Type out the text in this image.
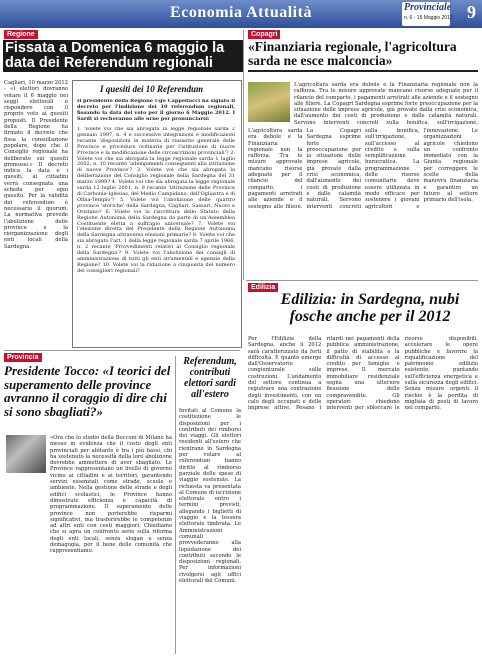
Economia Attualità	Provinciale
n. 6 - 15 Maggio 2012 9
Regione
Fissata a Domenica 6 maggio la data dei Referendum regionali
Cagliari, 10 marzo 2012 - «I elettori dovranno votare il 6 maggio nei seggi elettorali e rispondere con il proprio voto ai quesiti proposti. Il Presidente della Regione ha firmato il decreto che fissa la consultazione popolare, dopo che il Consiglio regionale ha deliberato sui quesiti promossi.» Il decreto indica la data e i quesiti, ai cittadini verrà consegnata una scheda per ogni quesito. Per la validità dei referendum è necessario il quorum. La normativa prevede l'abolizione delle province e la riorganizzazione degli enti locali della Sardegna.
I quesiti dei 10 Referendum
Il presidente della Regione Ugo Cappellacci ha siglato il decreto per l'indizione dei 10 referendum regionali, fissando la data del voto per il giorno 6 Maggio 2012. I Sardi si recheranno alle urne per pronunciarsi:
1. Volete voi che sia abrogata la legge regionale sarda 2 gennaio 1997, n. 4 e successive integrazioni e modificazioni recante 'disposizioni in materia di riassetto generale delle Province e procedure ordinarie per l'istituzione di nuove Province e la modificazione delle circoscrizioni provinciali'? 2. Volete voi che sia abrogata la legge regionale sarda 1 luglio 2002, n. 10 recante 'adempimenti conseguenti alla istituzione di nuove Province'? 3. Volete voi che sia abrogata la deliberazione del Consiglio regionale della Sardegna del 31 marzo 1999? 4. Volete voi che sia abrogata la legge regionale sarda 12 luglio 2001, n. 9 recante 'istituzione delle Province di Carbonia-Iglesias, del Medio Campidano, dell'Ogliastra e di Olbia-Tempio'? 5. Volete voi l'abolizione delle quattro province 'storiche' della Sardegna, Cagliari, Sassari, Nuoro e Oristano? 6. Volete voi la riscrittura dello Statuto della Regione Autonoma della Sardegna da parte di un'Assemblea Costituente eletta a suffragio universale? 7. Volete voi l'elezione diretta del Presidente della Regione Autonoma della Sardegna attraverso elezioni primarie? 8. Volete voi che sia abrogato l'art. 1 della legge regionale sarda 7 aprile 1966, n. 2 recante 'Provvedimenti relativi al Consiglio regionale della Sardegna'? 9. Volete voi l'abolizione dei consigli di amministrazione di tutti gli enti strumentali e agenzie della Regione? 10. Volete voi la riduzione a cinquanta del numero dei consiglieri regionali?
Provincia
Presidente Tocco: «I teorici del superamento delle province avranno il coraggio di dire chi si sono sbagliati?»
«Ora che lo studio della Bocconi di Milano ha messo in evidenza che il costo degli enti provinciali per abitante è tra i più bassi, chi ha sostenuto la necessità della loro abolizione dovrebbe ammettere di aver sbagliato. Le Province rappresentano un livello di governo vicino ai cittadini e ai territori, garantendo servizi essenziali come strade, scuole e ambiente. Nella gestione delle strade e degli edifici scolastici, le Province hanno dimostrato efficienza e capacità di programmazione. Il superamento delle province non porterebbe risparmi significativi, ma trasferirebbe le competenze ad altri enti con costi maggiori. Chiediamo che si apra un confronto serio sulla riforma degli enti locali, senza slogan e senza demagogia, per il bene delle comunità che rappresentiamo.
Referendum, contributi elettori sardi all'estero
Invitati al Comune la costituzione le disposizioni per i contributi dei rimborsi dei viaggi. Gli elettori residenti all'estero che rientrano in Sardegna per votare al referendum hanno diritto al rimborso parziale delle spese di viaggio sostenute. La richiesta va presentata al Comune di iscrizione elettorale entro i termini previsti, allegando i biglietti di viaggio e la tessera elettorale timbrata. Le Amministrazioni comunali provvederanno alla liquidazione dei contributi secondo le disposizioni regionali. Per informazioni rivolgersi agli uffici elettorali dei Comuni.
Copagri
«Finanziaria regionale, l'agricoltura sarda ne esce malconcia»
L'agricoltura sarda era debole e la Finanziaria regionale non la rafforza. Tra le misure approvate mancano risorse adeguate per il rilancio del comparto, i pagamenti arretrati alle aziende e il sostegno alle filiere. La Copagri Sardegna esprime forte preoccupazione per la situazione delle imprese agricole, già provate dalla crisi economica, dall'aumento dei costi di produzione e dalle calamità naturali. Servono interventi concreti sulla bonifica, sull'irrigazione,
L'agricoltura sarda era debole e la Finanziaria regionale non la rafforza. Tra le misure approvate mancano risorse adeguate per il rilancio del comparto, i pagamenti arretrati alle aziende e il sostegno alle filiere. La Copagri Sardegna esprime forte preoccupazione per la situazione delle imprese agricole, già provate dalla crisi economica, dall'aumento dei costi di produzione e dalle calamità naturali. Servono interventi concreti sulla bonifica, sull'irrigazione, sull'accesso al credito e sulla semplificazione burocratica. La programmazione delle risorse comunitarie deve essere utilizzata in modo efficace per sostenere i giovani agricoltori e l'innovazione. Le organizzazioni agricole chiedono un confronto immediato con la Giunta regionale per correggere le scelte della manovra finanziaria e garantire un futuro al settore primario dell'isola.
Edilizia
Edilizia: in Sardegna, nubi fosche anche per il 2012
Per l'Edilizia della Sardegna, anche il 2012 sarà caratterizzato da forti difficoltà. È quanto emerge dall'Osservatorio congiunturale sulle costruzioni. L'andamento del settore continua a registrare una contrazione degli investimenti, con un calo degli occupati e delle imprese attive. Pesano i ritardi nei pagamenti della pubblica amministrazione, il patto di stabilità e la difficoltà di accesso al credito per famiglie e imprese. Il mercato immobiliare residenziale segna una ulteriore flessione delle compravendite. Gli operatori chiedono interventi per sbloccare le risorse disponibili, accelerare le opere pubbliche e favorire la riqualificazione del patrimonio edilizio esistente, puntando sull'efficienza energetica e sulla sicurezza degli edifici. Senza misure urgenti il rischio è la perdita di migliaia di posti di lavoro nel comparto.
